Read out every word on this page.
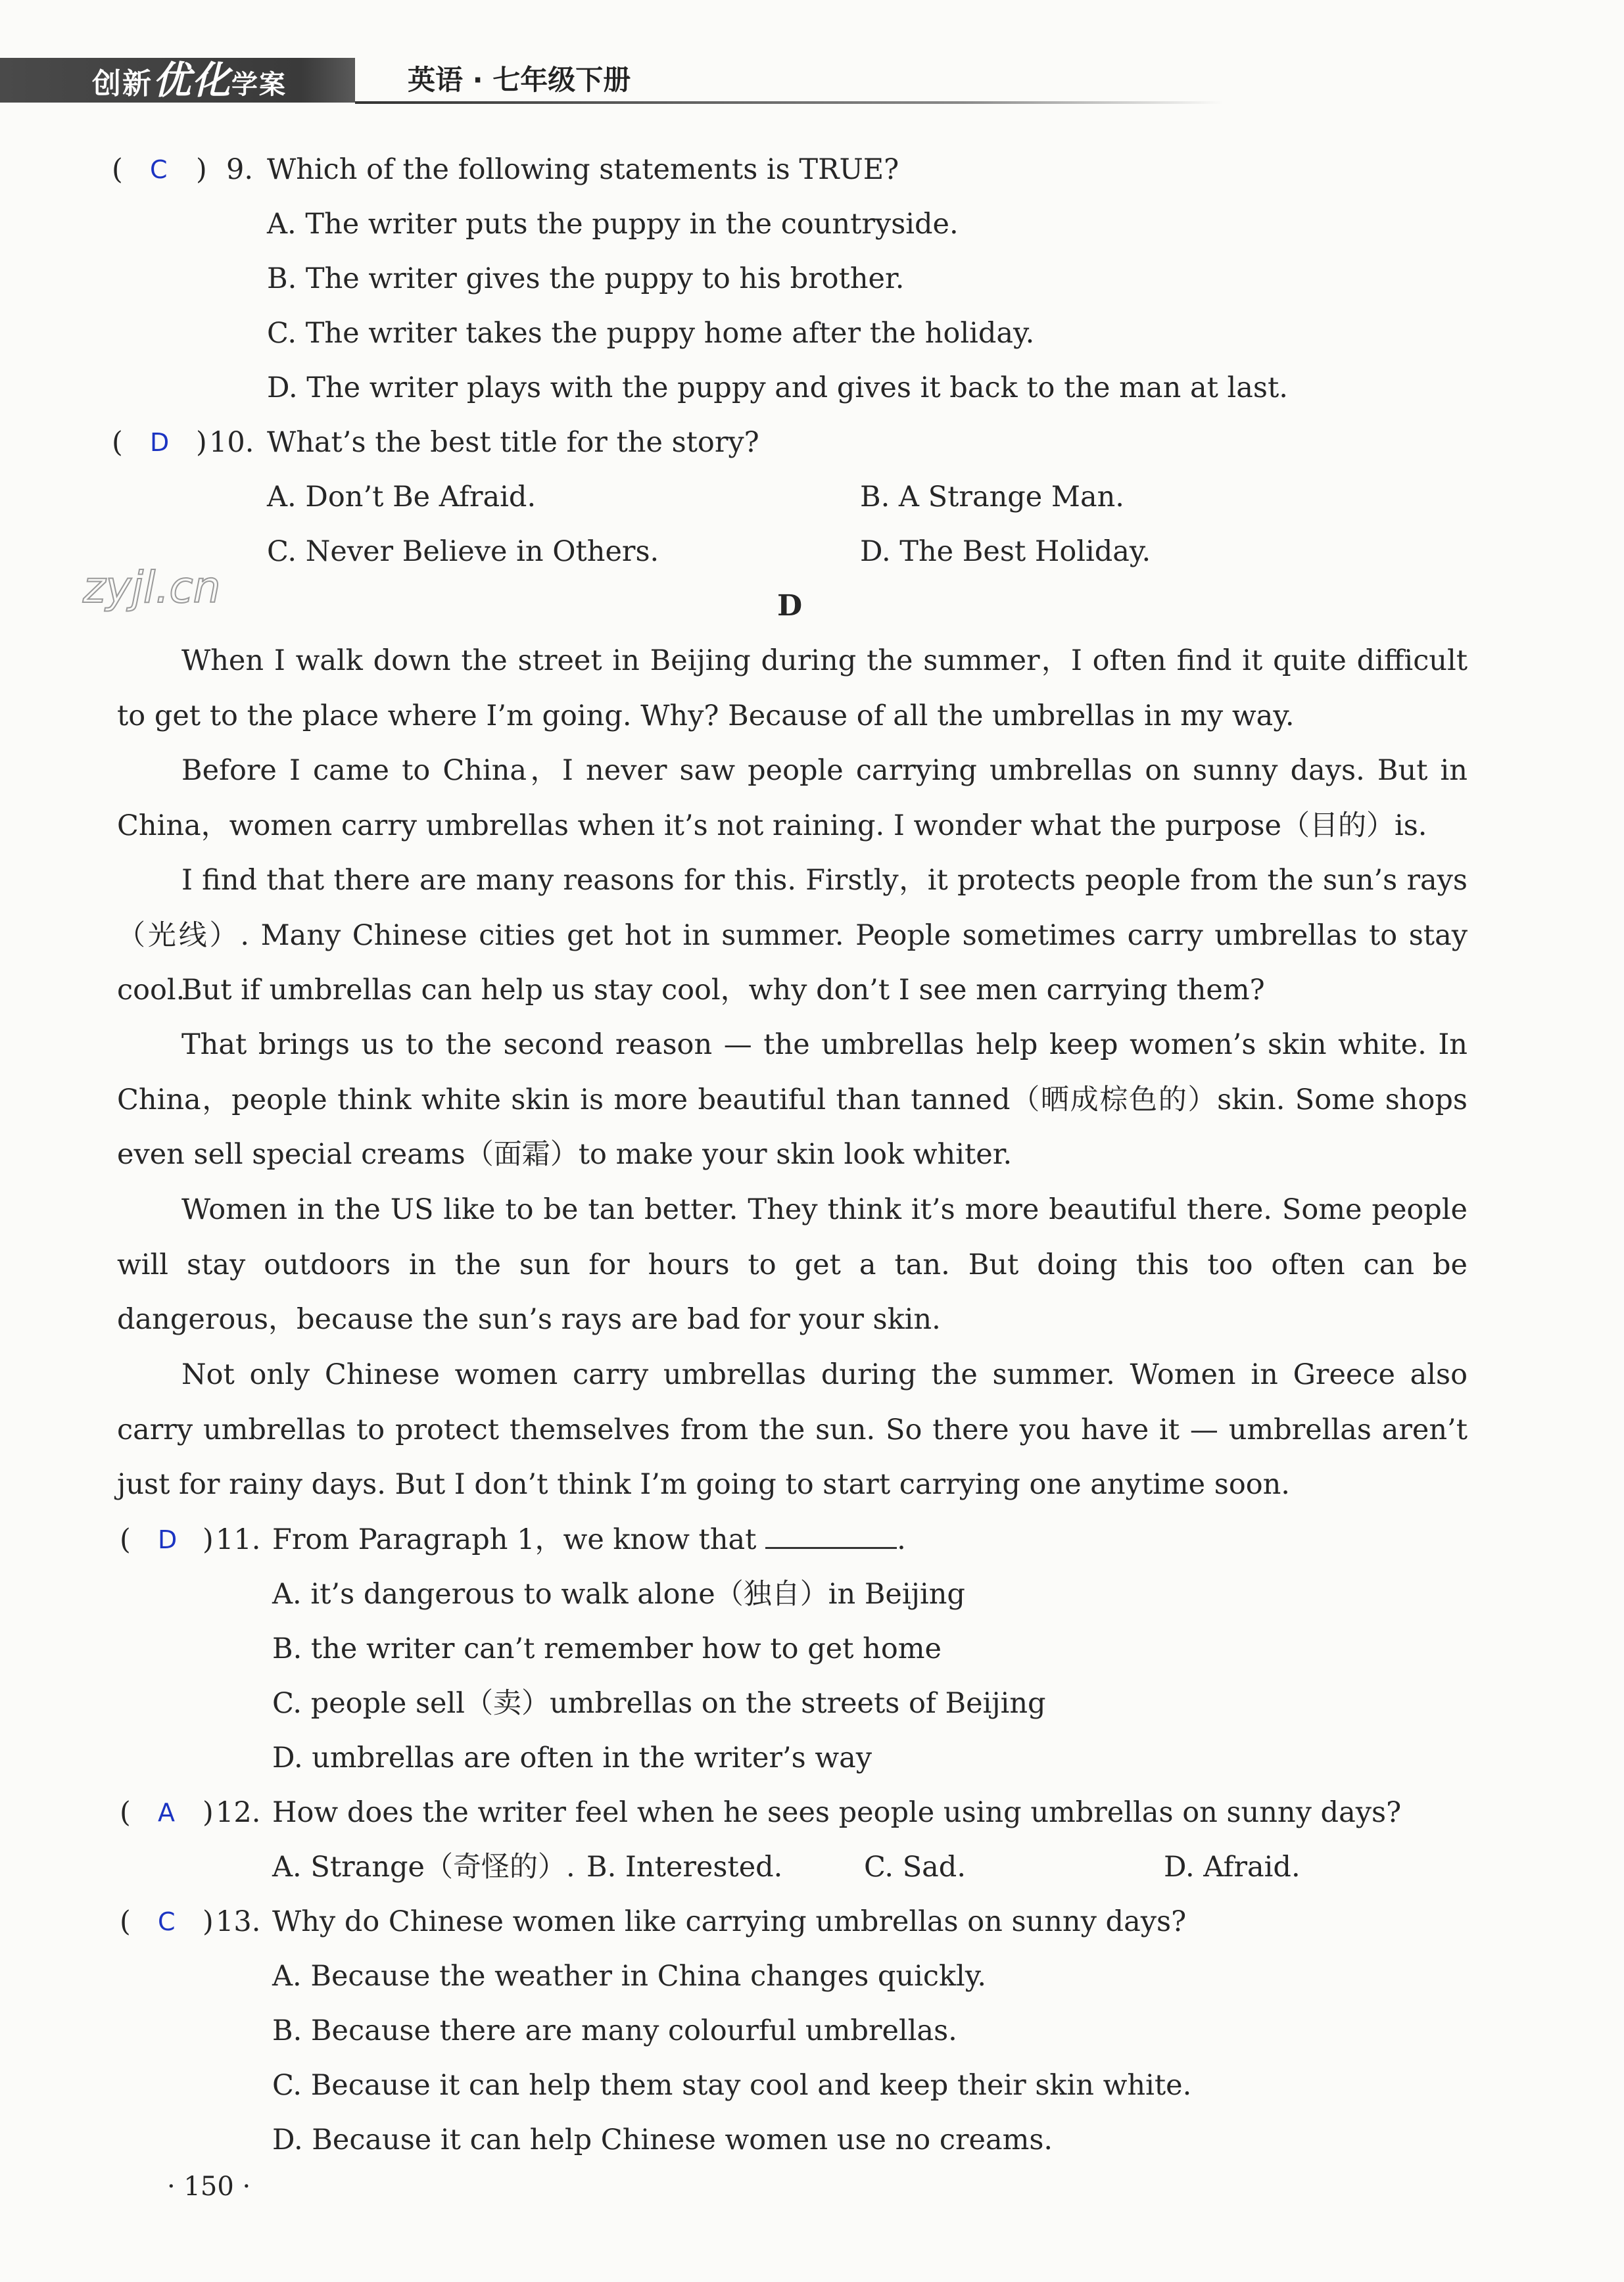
创新优化学案	英语 · 七年级下册
zyjl.cn
( C ) 9. Which of the following statements is TRUE?
A. The writer puts the puppy in the countryside.
B. The writer gives the puppy to his brother.
C. The writer takes the puppy home after the holiday.
D. The writer plays with the puppy and gives it back to the man at last.
( D ) 10. What’s the best title for the story?
A. Don’t Be Afraid.	B. A Strange Man.
C. Never Believe in Others.	D. The Best Holiday.
D
When I walk down the street in Beijing during the summer，I often find it quite difficult to get to the place where I’m going. Why? Because of all the umbrellas in my way.
Before I came to China，I never saw people carrying umbrellas on sunny days. But in China，women carry umbrellas when it’s not raining. I wonder what the purpose（目的）is.
I find that there are many reasons for this. Firstly，it protects people from the sun’s rays（光线）. Many Chinese cities get hot in summer. People sometimes carry umbrellas to stay cool.
But if umbrellas can help us stay cool，why don’t I see men carrying them?
That brings us to the second reason — the umbrellas help keep women’s skin white. In China，people think white skin is more beautiful than tanned（晒成棕色的）skin. Some shops even sell special creams（面霜）to make your skin look whiter.
Women in the US like to be tan better. They think it’s more beautiful there. Some people will stay outdoors in the sun for hours to get a tan. But doing this too often can be dangerous，because the sun’s rays are bad for your skin.
Not only Chinese women carry umbrellas during the summer. Women in Greece also carry umbrellas to protect themselves from the sun. So there you have it — umbrellas aren’t just for rainy days. But I don’t think I’m going to start carrying one anytime soon.
( D ) 11. From Paragraph 1，we know that	.
A. it’s dangerous to walk alone（独自）in Beijing
B. the writer can’t remember how to get home
C. people sell（卖）umbrellas on the streets of Beijing
D. umbrellas are often in the writer’s way
( A ) 12. How does the writer feel when he sees people using umbrellas on sunny days?
A. Strange（奇怪的）. B. Interested.	C. Sad.	D. Afraid.
( C ) 13. Why do Chinese women like carrying umbrellas on sunny days?
A. Because the weather in China changes quickly.
B. Because there are many colourful umbrellas.
C. Because it can help them stay cool and keep their skin white.
D. Because it can help Chinese women use no creams.
· 150 ·
